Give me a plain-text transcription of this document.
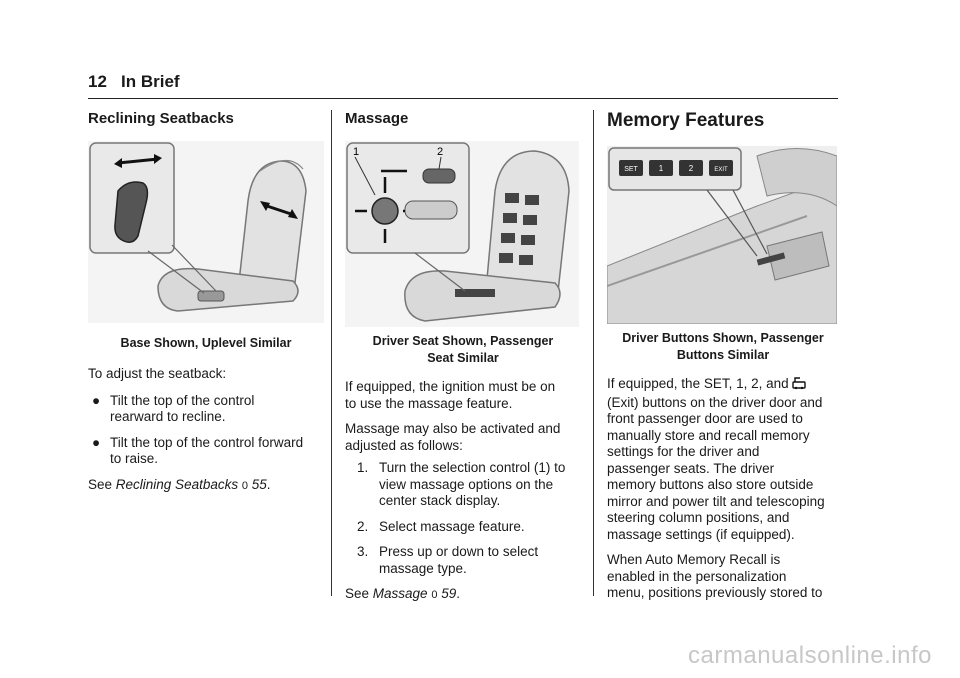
12 In Brief
Reclining Seatbacks
Base Shown, Uplevel Similar

To adjust the seatback:

● Tilt the top of the control
rearward to recline.
● Tilt the top of the control forward
to raise.

See Reclining Seatbacks 0 55.

Massage
1	2
Driver Seat Shown, Passenger
Seat Similar

If equipped, the ignition must be on
to use the massage feature.

Massage may also be activated and
adjusted as follows:

1. Turn the selection control (1) to
view massage options on the
center stack display.
2. Select massage feature.
3. Press up or down to select
massage type.

See Massage 0 59.

Memory Features
SET	1	2	EXIT
Driver Buttons Shown, Passenger
Buttons Similar

If equipped, the SET, 1, 2, and
(Exit) buttons on the driver door and
front passenger door are used to
manually store and recall memory
settings for the driver and
passenger seats. The driver
memory buttons also store outside
mirror and power tilt and telescoping
steering column positions, and
massage settings (if equipped).

When Auto Memory Recall is
enabled in the personalization
menu, positions previously stored to

carmanualsonline.info
